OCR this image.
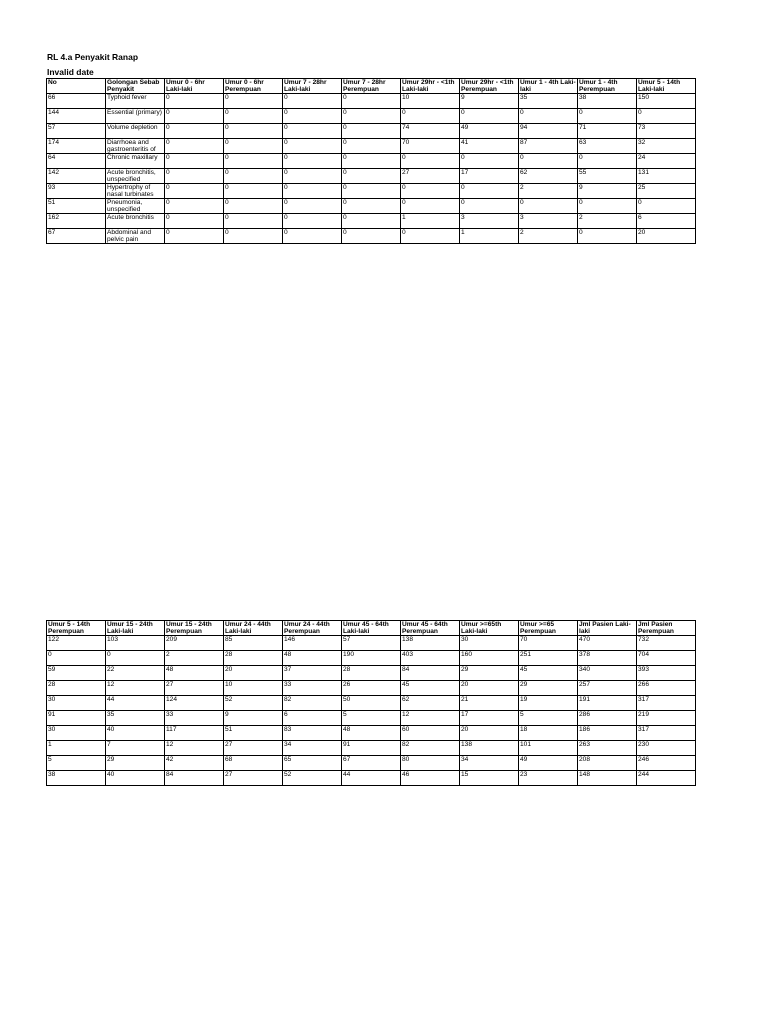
RL 4.a Penyakit Ranap
Invalid date
No	Golongan Sebab Penyakit	Umur 0 - 6hr Laki-laki	Umur 0 - 6hr Perempuan	Umur 7 - 28hr Laki-laki	Umur 7 - 28hr Perempuan	Umur 29hr - <1th Laki-laki	Umur 29hr - <1th Perempuan	Umur 1 - 4th Laki-laki	Umur 1 - 4th Perempuan	Umur 5 - 14th Laki-laki

66	Typhoid fever	0	0	0	0	10	9	35	38	150

144	Essential (primary)	0	0	0	0	0	0	0	0	0

57	Volume depletion	0	0	0	0	74	49	94	71	73

174	Diarrhoea and gastroenteritis of	0	0	0	0	70	41	87	63	32

64	Chronic maxillary	0	0	0	0	0	0	0	0	24

142	Acute bronchitis, unspecified	0	0	0	0	27	17	62	55	131

93	Hypertrophy of nasal turbinates	0	0	0	0	0	0	2	9	25

51	Pneumonia, unspecified	0	0	0	0	0	0	0	0	0

162	Acute bronchitis	0	0	0	0	1	3	3	2	6

67	Abdominal and pelvic pain	0	0	0	0	0	1	2	0	20
Umur 5 - 14th Perempuan	Umur 15 - 24th Laki-laki	Umur 15 - 24th Perempuan	Umur 24 - 44th Laki-laki	Umur 24 - 44th Perempuan	Umur 45 - 64th Laki-laki	Umur 45 - 64th Perempuan	Umur >=65th Laki-laki	Umur >=65 Perempuan	Jml Pasien Laki-laki	Jml Pasien Perempuan

122	103	209	85	146	57	138	30	70	470	732

0	0	2	28	48	190	403	160	251	378	704

59	22	48	20	37	28	84	29	45	340	393

28	12	27	10	33	26	45	20	29	257	266

30	44	124	52	82	50	62	21	19	191	317

91	35	33	9	6	5	12	17	5	286	219

30	40	117	51	83	48	60	20	18	186	317

1	7	12	27	34	91	82	138	101	263	230

5	29	42	68	65	67	80	34	49	208	246

38	40	84	27	52	44	46	15	23	148	244
